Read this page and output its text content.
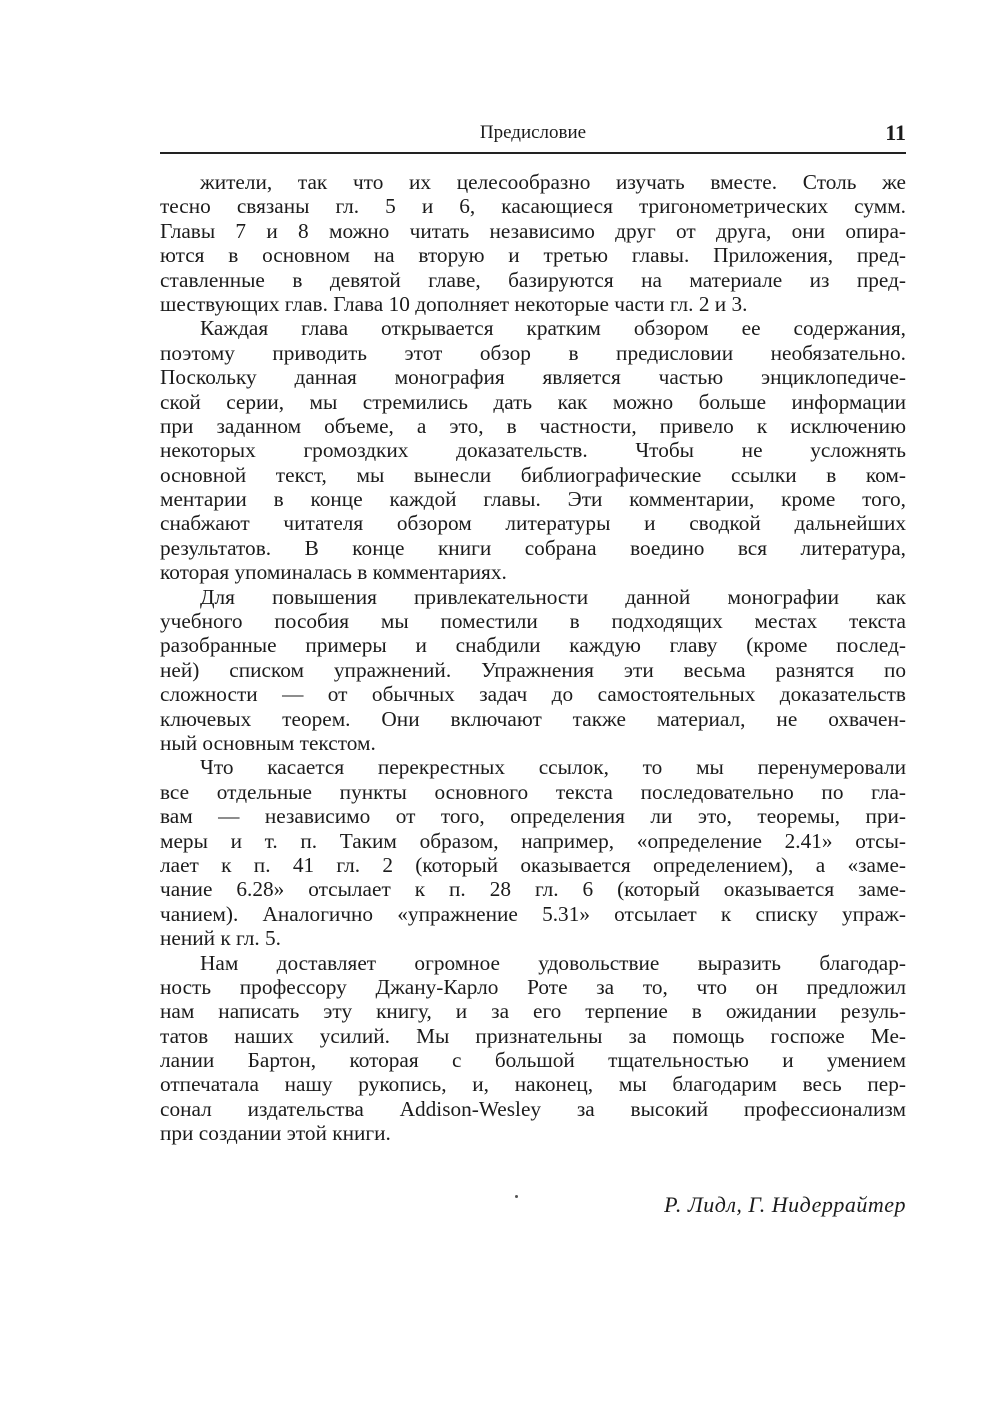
Предисловие	11

жители, так что их целесообразно изучать вместе. Столь же
тесно связаны гл. 5 и 6, касающиеся тригонометрических сумм.
Главы 7 и 8 можно читать независимо друг от друга, они опира-
ются в основном на вторую и третью главы. Приложения, пред-
ставленные в девятой главе, базируются на материале из пред-
шествующих глав. Глава 10 дополняет некоторые части гл. 2 и 3.

Каждая глава открывается кратким обзором ее содержания,
поэтому приводить этот обзор в предисловии необязательно.
Поскольку данная монография является частью энциклопедиче-
ской серии, мы стремились дать как можно больше информации
при заданном объеме, а это, в частности, привело к исключению
некоторых громоздких доказательств. Чтобы не усложнять
основной текст, мы вынесли библиографические ссылки в ком-
ментарии в конце каждой главы. Эти комментарии, кроме того,
снабжают читателя обзором литературы и сводкой дальнейших
результатов. В конце книги собрана воедино вся литература,
которая упоминалась в комментариях.

Для повышения привлекательности данной монографии как
учебного пособия мы поместили в подходящих местах текста
разобранные примеры и снабдили каждую главу (кроме послед-
ней) списком упражнений. Упражнения эти весьма разнятся по
сложности — от обычных задач до самостоятельных доказательств
ключевых теорем. Они включают также материал, не охвачен-
ный основным текстом.

Что касается перекрестных ссылок, то мы перенумеровали
все отдельные пункты основного текста последовательно по гла-
вам — независимо от того, определения ли это, теоремы, при-
меры и т. п. Таким образом, например, «определение 2.41» отсы-
лает к п. 41 гл. 2 (который оказывается определением), а «заме-
чание 6.28» отсылает к п. 28 гл. 6 (который оказывается заме-
чанием). Аналогично «упражнение 5.31» отсылает к списку упраж-
нений к гл. 5.

Нам доставляет огромное удовольствие выразить благодар-
ность профессору Джану-Карло Роте за то, что он предложил
нам написать эту книгу, и за его терпение в ожидании резуль-
татов наших усилий. Мы признательны за помощь госпоже Ме-
лании Бартон, которая с большой тщательностью и умением
отпечатала нашу рукопись, и, наконец, мы благодарим весь пер-
сонал издательства Addison-Wesley за высокий профессионализм
при создании этой книги.

Р. Лидл, Г. Нидеррайтер
